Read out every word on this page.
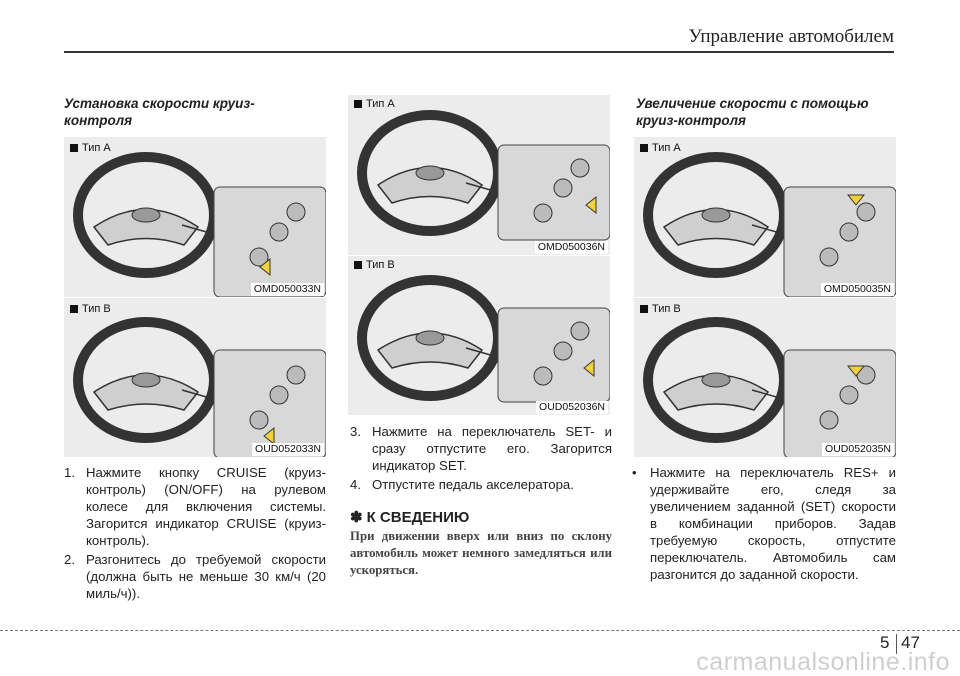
Управление автомобилем
Установка скорости круиз-контроля
Увеличение скорости с помощью круиз-контроля
Тип A
OMD050033N
Тип B
OUD052033N
Тип A
OMD050036N
Тип B
OUD052036N
Тип A
OMD050035N
Тип B
OUD052035N
1. Нажмите кнопку CRUISE (круиз-контроль) (ON/OFF) на рулевом колесе для включения системы. Загорится индикатор CRUISE (круиз-контроль).
2. Разгонитесь до требуемой скорости (должна быть не меньше 30 км/ч (20 миль/ч)).
3. Нажмите на переключатель SET- и сразу отпустите его. Загорится индикатор SET.
4. Отпустите педаль акселератора.
✽ К СВЕДЕНИЮ
При движении вверх или вниз по склону автомобиль может немного замедляться или ускоряться.
• Нажмите на переключатель RES+ и удерживайте его, следя за увеличением заданной (SET) скорости в комбинации приборов. Задав требуемую скорость, отпустите переключатель. Автомобиль сам разгонится до заданной скорости.
5 47
carmanualsonline.info
